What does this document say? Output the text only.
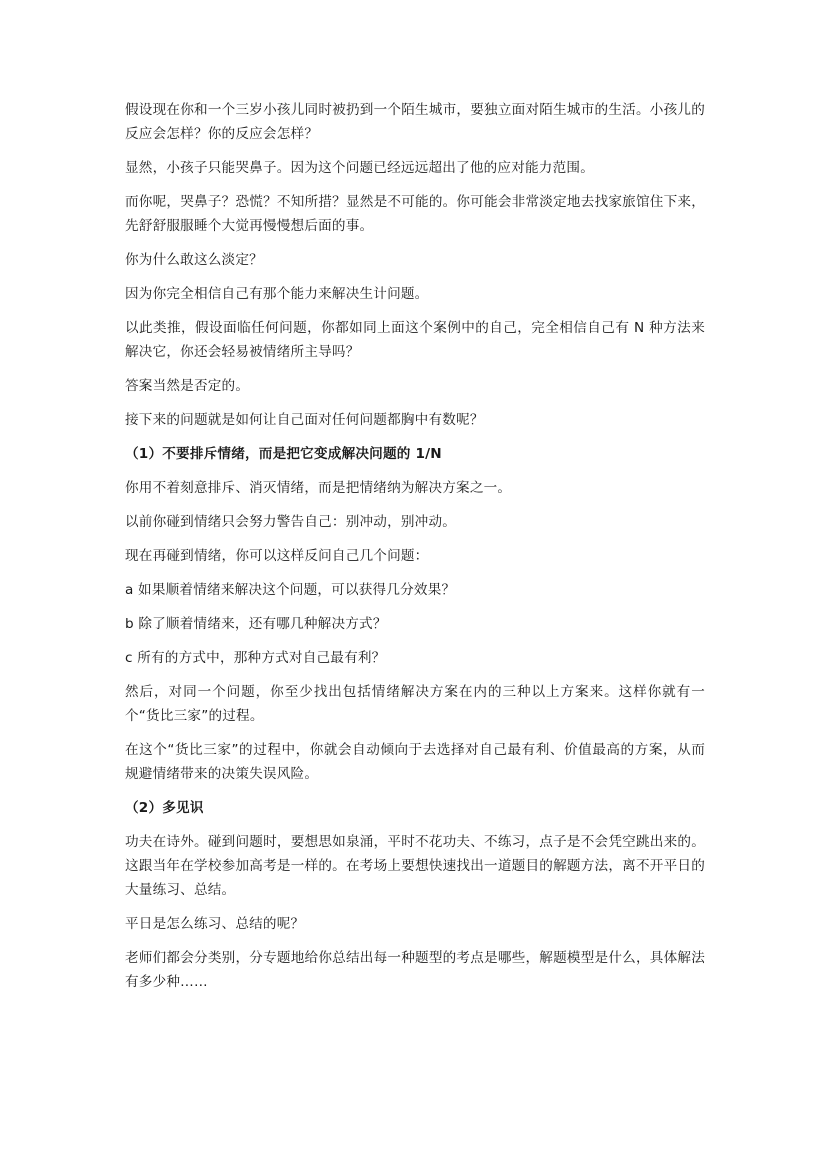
假设现在你和一个三岁小孩儿同时被扔到一个陌生城市，要独立面对陌生城市的生活。小孩儿的反应会怎样？你的反应会怎样？

显然，小孩子只能哭鼻子。因为这个问题已经远远超出了他的应对能力范围。

而你呢，哭鼻子？恐慌？不知所措？显然是不可能的。你可能会非常淡定地去找家旅馆住下来，先舒舒服服睡个大觉再慢慢想后面的事。

你为什么敢这么淡定？

因为你完全相信自己有那个能力来解决生计问题。

以此类推，假设面临任何问题，你都如同上面这个案例中的自己，完全相信自己有 N 种方法来解决它，你还会轻易被情绪所主导吗？

答案当然是否定的。

接下来的问题就是如何让自己面对任何问题都胸中有数呢？

（1）不要排斥情绪，而是把它变成解决问题的 1/N

你用不着刻意排斥、消灭情绪，而是把情绪纳为解决方案之一。

以前你碰到情绪只会努力警告自己：别冲动，别冲动。

现在再碰到情绪，你可以这样反问自己几个问题：

a 如果顺着情绪来解决这个问题，可以获得几分效果？

b 除了顺着情绪来，还有哪几种解决方式？

c 所有的方式中，那种方式对自己最有利？

然后，对同一个问题，你至少找出包括情绪解决方案在内的三种以上方案来。这样你就有一个“货比三家”的过程。

在这个“货比三家”的过程中，你就会自动倾向于去选择对自己最有利、价值最高的方案，从而规避情绪带来的决策失误风险。

（2）多见识

功夫在诗外。碰到问题时，要想思如泉涌，平时不花功夫、不练习，点子是不会凭空跳出来的。这跟当年在学校参加高考是一样的。在考场上要想快速找出一道题目的解题方法，离不开平日的大量练习、总结。

平日是怎么练习、总结的呢？

老师们都会分类别，分专题地给你总结出每一种题型的考点是哪些，解题模型是什么，具体解法有多少种……
